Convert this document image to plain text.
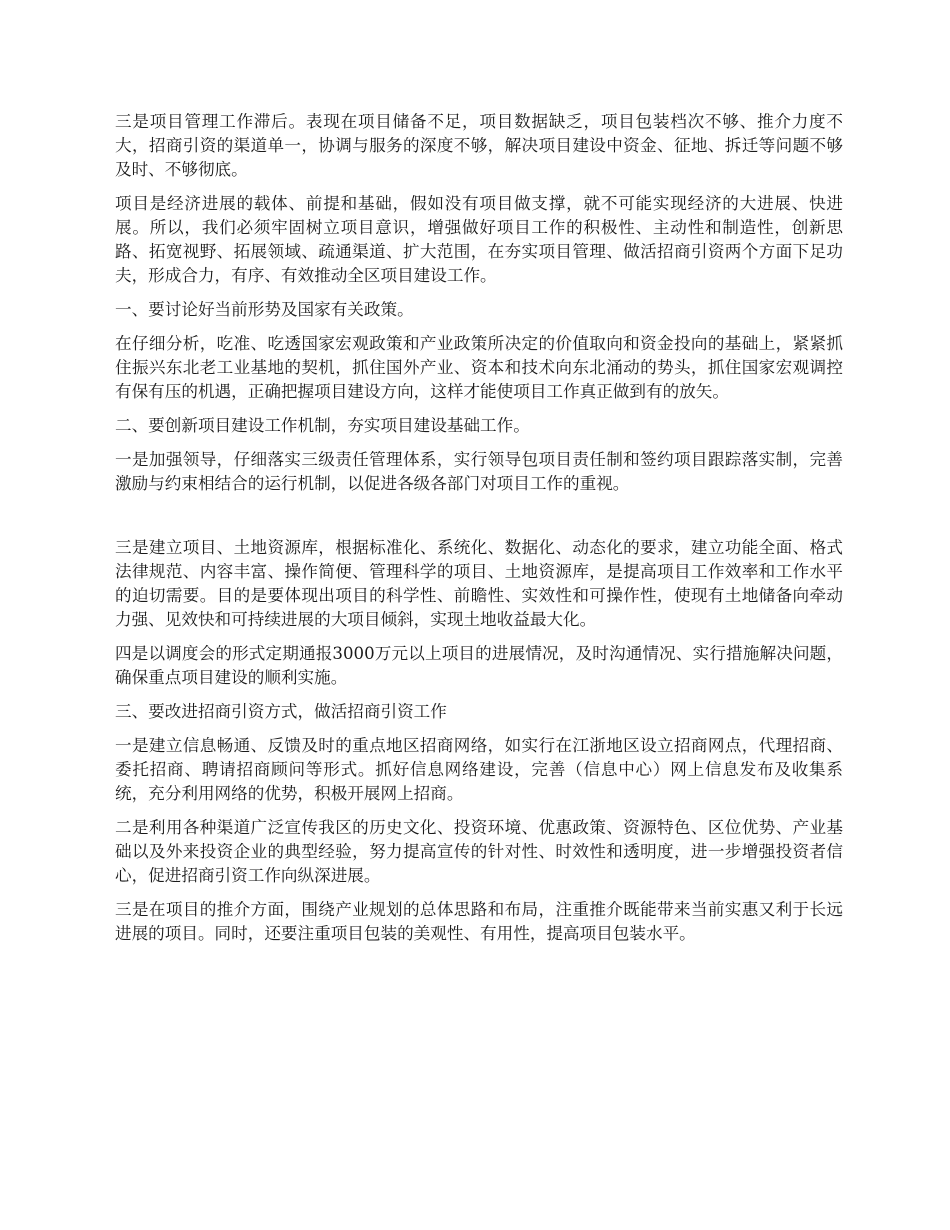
三是项目管理工作滞后。表现在项目储备不足，项目数据缺乏，项目包装档次不够、推介力度不大，招商引资的渠道单一，协调与服务的深度不够，解决项目建设中资金、征地、拆迁等问题不够及时、不够彻底。

项目是经济进展的载体、前提和基础，假如没有项目做支撑，就不可能实现经济的大进展、快进展。所以，我们必须牢固树立项目意识，增强做好项目工作的积极性、主动性和制造性，创新思路、拓宽视野、拓展领域、疏通渠道、扩大范围，在夯实项目管理、做活招商引资两个方面下足功夫，形成合力，有序、有效推动全区项目建设工作。

一、要讨论好当前形势及国家有关政策。

在仔细分析，吃准、吃透国家宏观政策和产业政策所决定的价值取向和资金投向的基础上，紧紧抓住振兴东北老工业基地的契机，抓住国外产业、资本和技术向东北涌动的势头，抓住国家宏观调控有保有压的机遇，正确把握项目建设方向，这样才能使项目工作真正做到有的放矢。

二、要创新项目建设工作机制，夯实项目建设基础工作。

一是加强领导，仔细落实三级责任管理体系，实行领导包项目责任制和签约项目跟踪落实制，完善激励与约束相结合的运行机制，以促进各级各部门对项目工作的重视。

三是建立项目、土地资源库，根据标准化、系统化、数据化、动态化的要求，建立功能全面、格式法律规范、内容丰富、操作简便、管理科学的项目、土地资源库，是提高项目工作效率和工作水平的迫切需要。目的是要体现出项目的科学性、前瞻性、实效性和可操作性，使现有土地储备向牵动力强、见效快和可持续进展的大项目倾斜，实现土地收益最大化。

四是以调度会的形式定期通报3000万元以上项目的进展情况，及时沟通情况、实行措施解决问题，确保重点项目建设的顺利实施。

三、要改进招商引资方式，做活招商引资工作

一是建立信息畅通、反馈及时的重点地区招商网络，如实行在江浙地区设立招商网点，代理招商、委托招商、聘请招商顾问等形式。抓好信息网络建设，完善（信息中心）网上信息发布及收集系统，充分利用网络的优势，积极开展网上招商。

二是利用各种渠道广泛宣传我区的历史文化、投资环境、优惠政策、资源特色、区位优势、产业基础以及外来投资企业的典型经验，努力提高宣传的针对性、时效性和透明度，进一步增强投资者信心，促进招商引资工作向纵深进展。

三是在项目的推介方面，围绕产业规划的总体思路和布局，注重推介既能带来当前实惠又利于长远进展的项目。同时，还要注重项目包装的美观性、有用性，提高项目包装水平。
